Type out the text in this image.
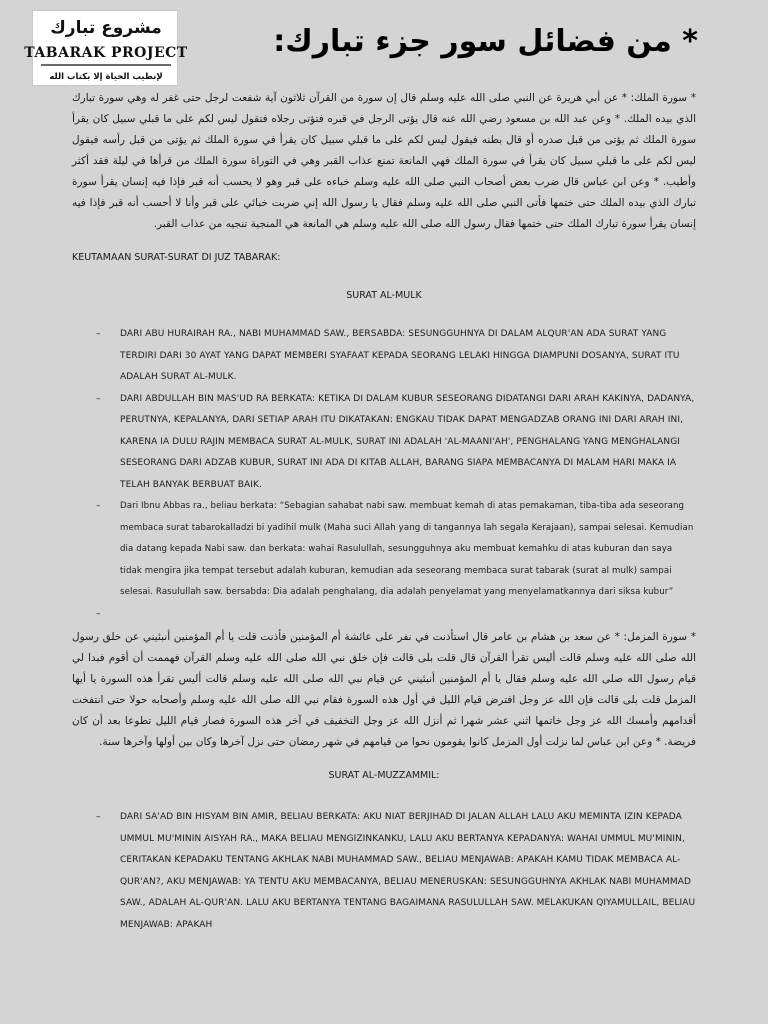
مشروع تبارك
TABARAK PROJECT
لإنطيب الحياة إلا بكتاب الله
* من فضائل سور جزء تبارك:

* سورة الملك: * عن أبي هريرة عن النبي صلى الله عليه وسلم قال إن سورة من القرآن ثلاثون آية شفعت لرجل حتى غفر له وهي سورة تبارك الذي بيده الملك. * وعن عبد الله بن مسعود رضي الله عنه قال يؤتى الرجل في قبره فتؤتى رجلاه فتقول ليس لكم على ما قبلي سبيل كان يقرأ سورة الملك ثم يؤتى من قبل صدره أو قال بطنه فيقول ليس لكم على ما قبلي سبيل كان يقرأ في سورة الملك ثم يؤتى من قبل رأسه فيقول ليس لكم على ما قبلي سبيل كان يقرأ في سورة الملك فهي المانعة تمنع عذاب القبر وهي في التوراة سورة الملك من قرأها في ليلة فقد أكثر وأطيب. * وعن ابن عباس قال ضرب بعض أصحاب النبي صلى الله عليه وسلم خباءه على قبر وهو لا يحسب أنه قبر فإذا فيه إنسان يقرأ سورة تبارك الذي بيده الملك حتى ختمها فأتى النبي صلى الله عليه وسلم فقال يا رسول الله إني ضربت خبائي على قبر وأنا لا أحسب أنه قبر فإذا فيه إنسان يقرأ سورة تبارك الملك حتى ختمها فقال رسول الله صلى الله عليه وسلم هي المانعة هي المنجية تنجيه من عذاب القبر.

KEUTAMAAN SURAT-SURAT DI JUZ TABARAK:

SURAT AL-MULK

– DARI ABU HURAIRAH RA., NABI MUHAMMAD SAW., BERSABDA: SESUNGGUHNYA DI DALAM ALQUR'AN ADA SURAT YANG TERDIRI DARI 30 AYAT YANG DAPAT MEMBERI SYAFAAT KEPADA SEORANG LELAKI HINGGA DIAMPUNI DOSANYA, SURAT ITU ADALAH SURAT AL-MULK.
– DARI ABDULLAH BIN MAS'UD RA BERKATA: KETIKA DI DALAM KUBUR SESEORANG DIDATANGI DARI ARAH KAKINYA, DADANYA, PERUTNYA, KEPALANYA, DARI SETIAP ARAH ITU DIKATAKAN: ENGKAU TIDAK DAPAT MENGADZAB ORANG INI DARI ARAH INI, KARENA IA DULU RAJIN MEMBACA SURAT AL-MULK, SURAT INI ADALAH 'AL-MAANI'AH', PENGHALANG YANG MENGHALANGI SESEORANG DARI ADZAB KUBUR, SURAT INI ADA DI KITAB ALLAH, BARANG SIAPA MEMBACANYA DI MALAM HARI MAKA IA TELAH BANYAK BERBUAT BAIK.
– Dari Ibnu Abbas ra., beliau berkata: “Sebagian sahabat nabi saw. membuat kemah di atas pemakaman, tiba-tiba ada seseorang membaca surat tabarokalladzi bi yadihil mulk (Maha suci Allah yang di tangannya lah segala Kerajaan), sampai selesai. Kemudian dia datang kepada Nabi saw. dan berkata: wahai Rasulullah, sesungguhnya aku membuat kemahku di atas kuburan dan saya tidak mengira jika tempat tersebut adalah kuburan, kemudian ada seseorang membaca surat tabarak (surat al mulk) sampai selesai. Rasulullah saw. bersabda: Dia adalah penghalang, dia adalah penyelamat yang menyelamatkannya dari siksa kubur”
–

* سورة المزمل: * عن سعد بن هشام بن عامر قال استأذنت في نفر على عائشة أم المؤمنين فأذنت قلت يا أم المؤمنين أنبئيني عن خلق رسول الله صلى الله عليه وسلم قالت أليس تقرأ القرآن قال قلت بلى قالت فإن خلق نبي الله صلى الله عليه وسلم القرآن فهممت أن أقوم فبدا لي قيام رسول الله صلى الله عليه وسلم فقال يا أم المؤمنين أنبئيني عن قيام نبي الله صلى الله عليه وسلم قالت أليس تقرأ هذه السورة يا أيها المزمل قلت بلى قالت فإن الله عز وجل افترض قيام الليل في أول هذه السورة فقام نبي الله صلى الله عليه وسلم وأصحابه حولا حتى انتفخت أقدامهم وأمسك الله عز وجل خاتمها اثني عشر شهرا ثم أنزل الله عز وجل التخفيف في آخر هذه السورة فصار قيام الليل تطوعا بعد أن كان فريضة. * وعن ابن عباس لما نزلت أول المزمل كانوا يقومون نحوا من قيامهم في شهر رمضان حتى نزل آخرها وكان بين أولها وآخرها سنة.

SURAT AL-MUZZAMMIL:

– DARI SA'AD BIN HISYAM BIN AMIR, BELIAU BERKATA: AKU NIAT BERJIHAD DI JALAN ALLAH LALU AKU MEMINTA IZIN KEPADA UMMUL MU'MININ AISYAH RA., MAKA BELIAU MENGIZINKANKU, LALU AKU BERTANYA KEPADANYA: WAHAI UMMUL MU'MININ, CERITAKAN KEPADAKU TENTANG AKHLAK NABI MUHAMMAD SAW., BELIAU MENJAWAB: APAKAH KAMU TIDAK MEMBACA AL-QUR'AN?, AKU MENJAWAB: YA TENTU AKU MEMBACANYA, BELIAU MENERUSKAN: SESUNGGUHNYA AKHLAK NABI MUHAMMAD SAW., ADALAH AL-QUR'AN. LALU AKU BERTANYA TENTANG BAGAIMANA RASULULLAH SAW. MELAKUKAN QIYAMULLAIL, BELIAU MENJAWAB: APAKAH
